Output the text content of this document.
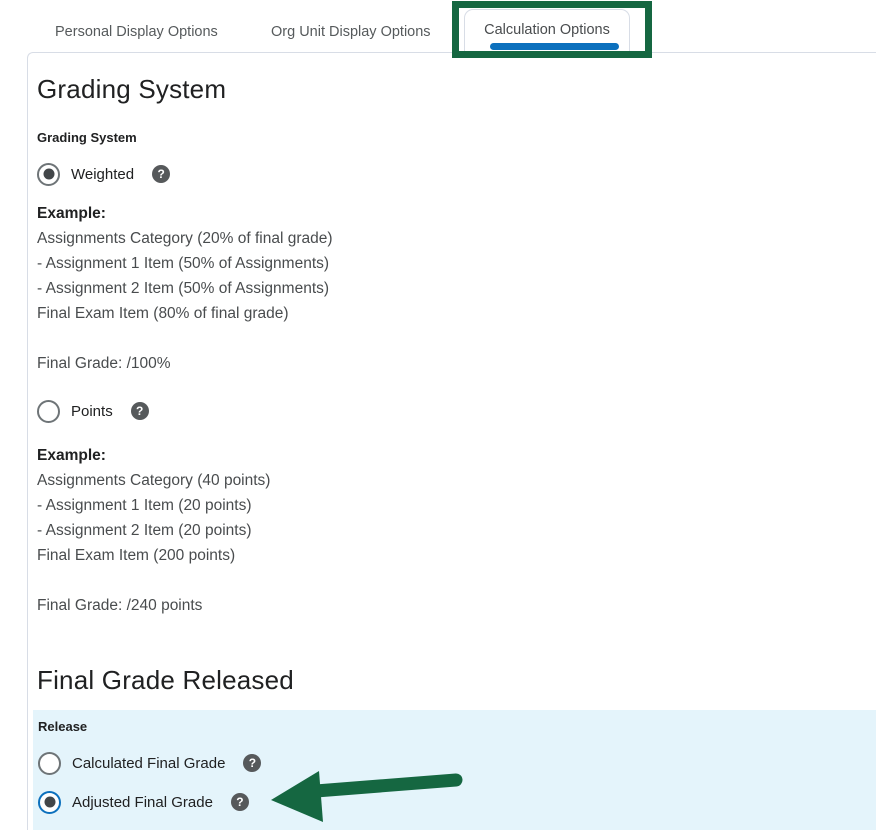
Personal Display Options	Org Unit Display Options	Calculation Options
Grading System
Grading System
Weighted	?
Example:
Assignments Category (20% of final grade)
- Assignment 1 Item (50% of Assignments)
- Assignment 2 Item (50% of Assignments)
Final Exam Item (80% of final grade)
Final Grade: /100%
Points	?
Example:
Assignments Category (40 points)
- Assignment 1 Item (20 points)
- Assignment 2 Item (20 points)
Final Exam Item (200 points)
Final Grade: /240 points
Final Grade Released
Release
Calculated Final Grade	?
Adjusted Final Grade	?
